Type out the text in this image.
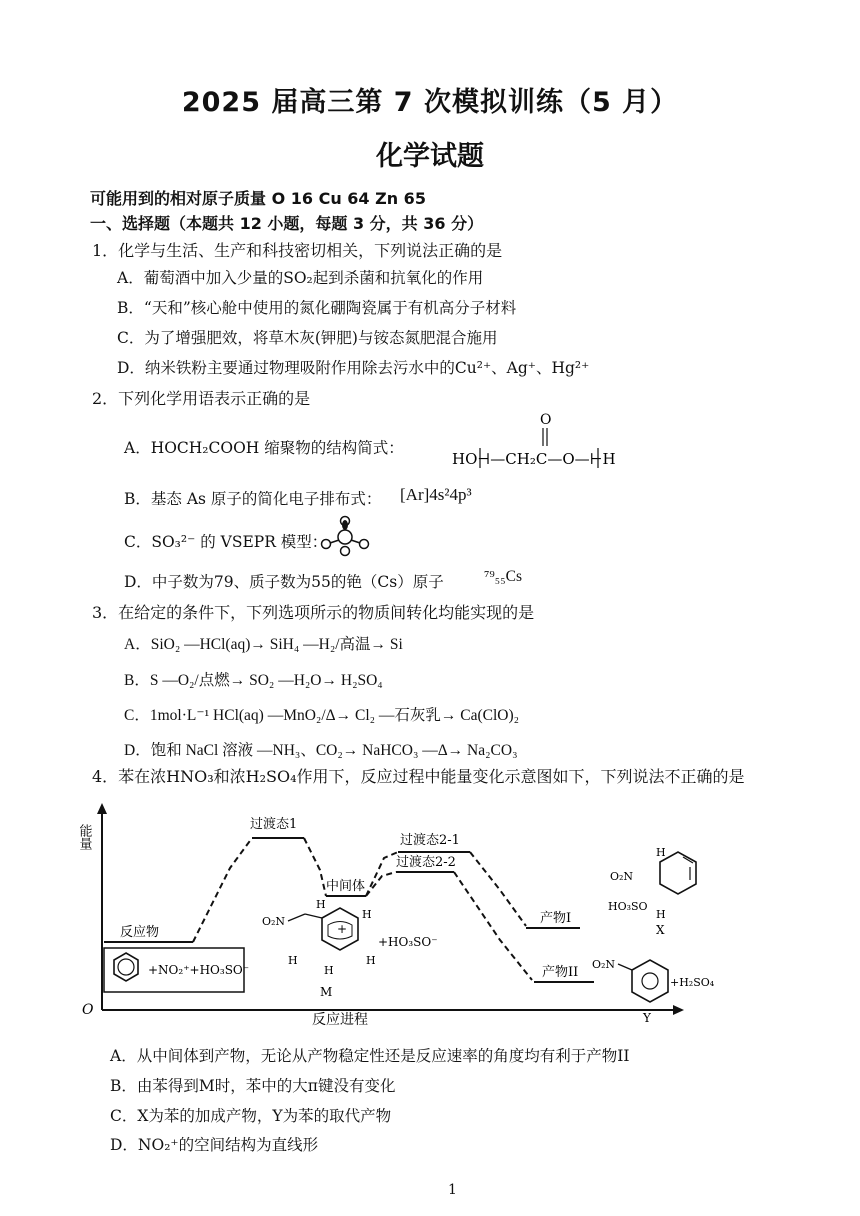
2025 届高三第 7 次模拟训练（5 月）
化学试题
可能用到的相对原子质量 O 16 Cu 64 Zn 65
一、选择题（本题共 12 小题，每题 3 分，共 36 分）
1．化学与生活、生产和科技密切相关，下列说法正确的是
A．葡萄酒中加入少量的SO₂起到杀菌和抗氧化的作用
B．“天和”核心舱中使用的氮化硼陶瓷属于有机高分子材料
C．为了增强肥效，将草木灰(钾肥)与铵态氮肥混合施用
D．纳米铁粉主要通过物理吸附作用除去污水中的Cu²⁺、Ag⁺、Hg²⁺
2．下列化学用语表示正确的是
A．HOCH₂COOH 缩聚物的结构简式：
O
HO⊣—CH₂C—O—⊢H
B．基态 As 原子的简化电子排布式： [Ar]4s²4p³
C．SO₃²⁻ 的 VSEPR 模型：
D．中子数为79、质子数为55的铯（Cs）原子	⁷⁹₅₅Cs
3．在给定的条件下，下列选项所示的物质间转化均能实现的是
A．SiO₂ —HCl(aq)→ SiH₄ —H₂/高温→ Si
B．S —O₂/点燃→ SO₂ —H₂O→ H₂SO₄
C．1mol·L⁻¹ HCl(aq) —MnO₂/Δ→ Cl₂ —石灰乳→ Ca(ClO)₂
D．饱和 NaCl 溶液 —NH₃、CO₂→ NaHCO₃ —Δ→ Na₂CO₃
4．苯在浓HNO₃和浓H₂SO₄作用下，反应过程中能量变化示意图如下，下列说法不正确的是
能量
O
反应进程
过渡态1
中间体
过渡态2-1
过渡态2-2
反应物
产物I
产物II
+NO₂⁺+HO₃SO⁻
+
O₂N
H
H
H
H
H
M
+HO₃SO⁻
O₂N
HO₃SO
H
H
X
O₂N
+H₂SO₄
Y
A．从中间体到产物，无论从产物稳定性还是反应速率的角度均有利于产物II
B．由苯得到M时，苯中的大π键没有变化
C．X为苯的加成产物，Y为苯的取代产物
D．NO₂⁺的空间结构为直线形
1
